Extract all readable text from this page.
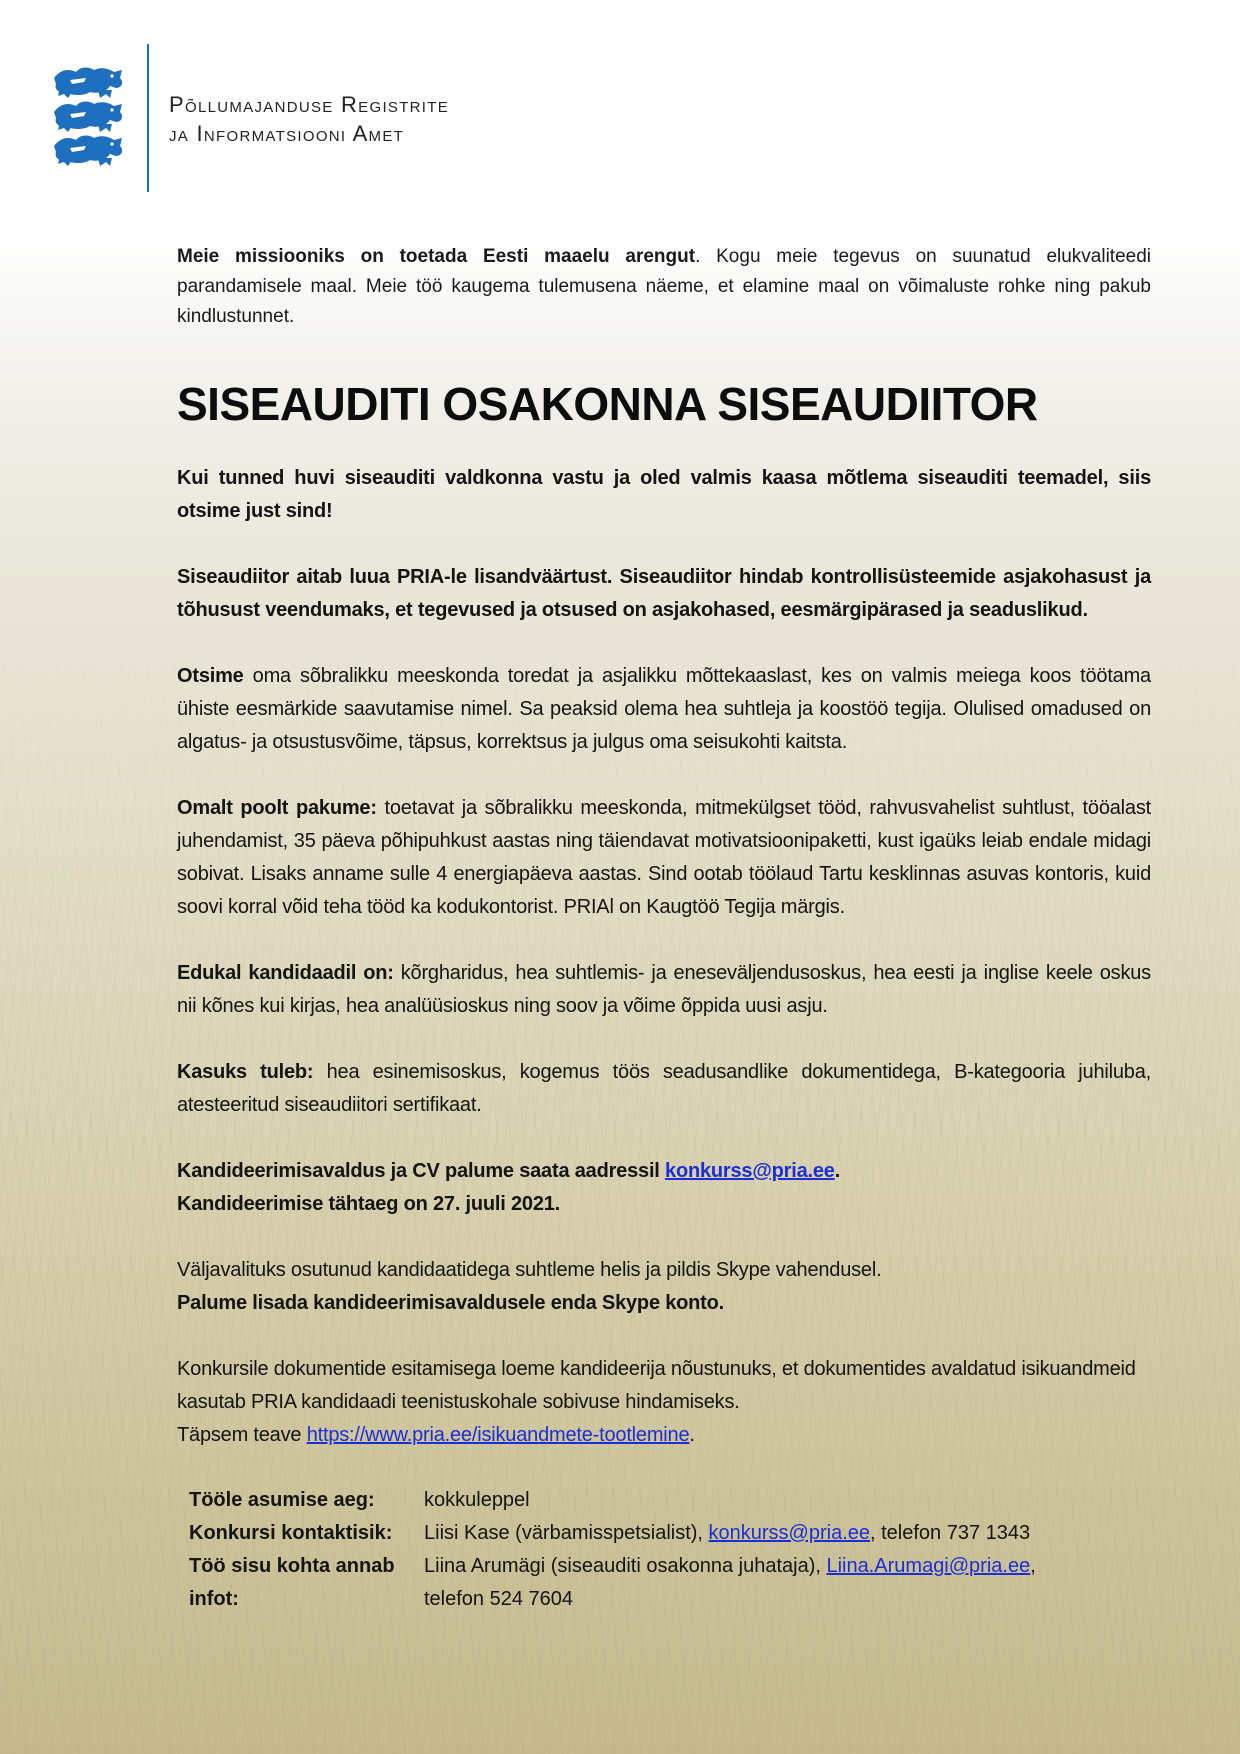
Põllumajanduse Registrite
ja Informatsiooni Amet

Meie missiooniks on toetada Eesti maaelu arengut. Kogu meie tegevus on suunatud elukvaliteedi parandamisele maal. Meie töö kaugema tulemusena näeme, et elamine maal on võimaluste rohke ning pakub kindlustunnet.

SISEAUDITI OSAKONNA SISEAUDIITOR

Kui tunned huvi siseauditi valdkonna vastu ja oled valmis kaasa mõtlema siseauditi teemadel, siis otsime just sind!

Siseaudiitor aitab luua PRIA-le lisandväärtust. Siseaudiitor hindab kontrollisüsteemide asjakohasust ja tõhusust veendumaks, et tegevused ja otsused on asjakohased, eesmärgipärased ja seaduslikud.

Otsime oma sõbralikku meeskonda toredat ja asjalikku mõttekaaslast, kes on valmis meiega koos töötama ühiste eesmärkide saavutamise nimel. Sa peaksid olema hea suhtleja ja koostöö tegija. Olulised omadused on algatus- ja otsustusvõime, täpsus, korrektsus ja julgus oma seisukohti kaitsta.

Omalt poolt pakume: toetavat ja sõbralikku meeskonda, mitmekülgset tööd, rahvusvahelist suhtlust, tööalast juhendamist, 35 päeva põhipuhkust aastas ning täiendavat motivatsioonipaketti, kust igaüks leiab endale midagi sobivat. Lisaks anname sulle 4 energiapäeva aastas. Sind ootab töölaud Tartu kesklinnas asuvas kontoris, kuid soovi korral võid teha tööd ka kodukontorist. PRIAl on Kaugtöö Tegija märgis.

Edukal kandidaadil on: kõrgharidus, hea suhtlemis- ja eneseväljendusoskus, hea eesti ja inglise keele oskus nii kõnes kui kirjas, hea analüüsioskus ning soov ja võime õppida uusi asju.

Kasuks tuleb: hea esinemisoskus, kogemus töös seadusandlike dokumentidega, B-kategooria juhiluba, atesteeritud siseaudiitori sertifikaat.

Kandideerimisavaldus ja CV palume saata aadressil konkurss@pria.ee.
Kandideerimise tähtaeg on 27. juuli 2021.

Väljavalituks osutunud kandidaatidega suhtleme helis ja pildis Skype vahendusel.
Palume lisada kandideerimisavaldusele enda Skype konto.

Konkursile dokumentide esitamisega loeme kandideerija nõustunuks, et dokumentides avaldatud isikuandmeid kasutab PRIA kandidaadi teenistuskohale sobivuse hindamiseks.
Täpsem teave https://www.pria.ee/isikuandmete-tootlemine.

Tööle asumise aeg:	kokkuleppel
Konkursi kontaktisik:	Liisi Kase (värbamisspetsialist), konkurss@pria.ee, telefon 737 1343
Töö sisu kohta annab infot:	Liina Arumägi (siseauditi osakonna juhataja), Liina.Arumagi@pria.ee,
telefon 524 7604
